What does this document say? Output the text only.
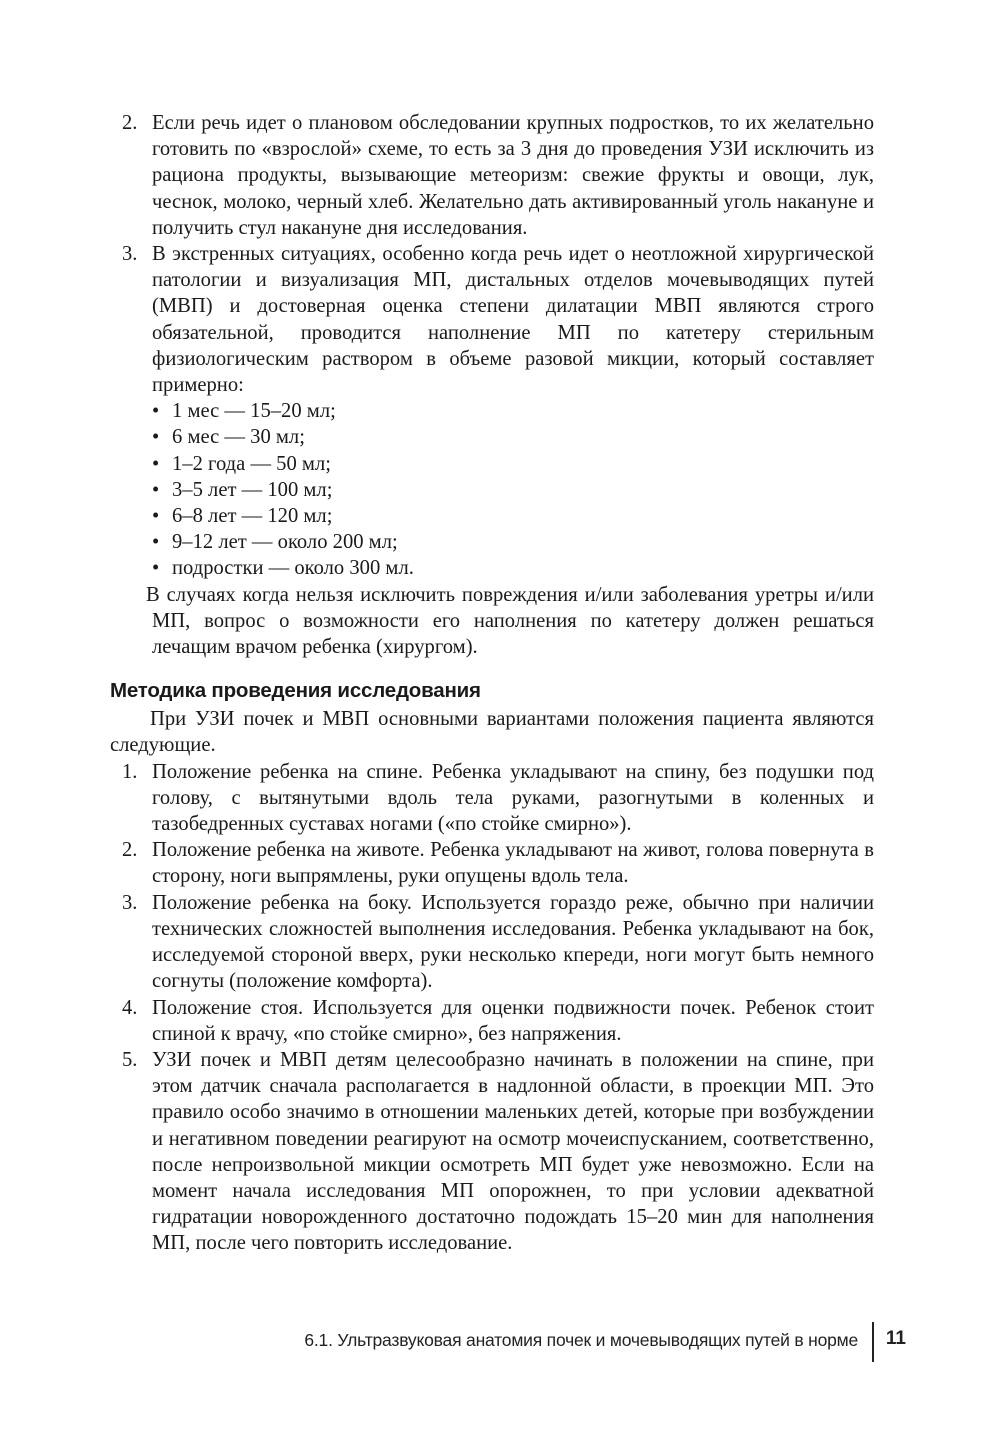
2. Если речь идет о плановом обследовании крупных подростков, то их желательно готовить по «взрослой» схеме, то есть за 3 дня до проведения УЗИ исключить из рациона продукты, вызывающие метеоризм: свежие фрукты и овощи, лук, чеснок, молоко, черный хлеб. Желательно дать активированный уголь накануне и получить стул накануне дня исследования.
3. В экстренных ситуациях, особенно когда речь идет о неотложной хирургической патологии и визуализация МП, дистальных отделов мочевыводящих путей (МВП) и достоверная оценка степени дилатации МВП являются строго обязательной, проводится наполнение МП по катетеру стерильным физиологическим раствором в объеме разовой микции, который составляет примерно:
• 1 мес — 15–20 мл;
• 6 мес — 30 мл;
• 1–2 года — 50 мл;
• 3–5 лет — 100 мл;
• 6–8 лет — 120 мл;
• 9–12 лет — около 200 мл;
• подростки — около 300 мл.

В случаях когда нельзя исключить повреждения и/или заболевания уретры и/или МП, вопрос о возможности его наполнения по катетеру должен решаться лечащим врачом ребенка (хирургом).

Методика проведения исследования

При УЗИ почек и МВП основными вариантами положения пациента являются следующие.

1. Положение ребенка на спине. Ребенка укладывают на спину, без подушки под голову, с вытянутыми вдоль тела руками, разогнутыми в коленных и тазобедренных суставах ногами («по стойке смирно»).
2. Положение ребенка на животе. Ребенка укладывают на живот, голова повернута в сторону, ноги выпрямлены, руки опущены вдоль тела.
3. Положение ребенка на боку. Используется гораздо реже, обычно при наличии технических сложностей выполнения исследования. Ребенка укладывают на бок, исследуемой стороной вверх, руки несколько кпереди, ноги могут быть немного согнуты (положение комфорта).
4. Положение стоя. Используется для оценки подвижности почек. Ребенок стоит спиной к врачу, «по стойке смирно», без напряжения.
5. УЗИ почек и МВП детям целесообразно начинать в положении на спине, при этом датчик сначала располагается в надлонной области, в проекции МП. Это правило особо значимо в отношении маленьких детей, которые при возбуждении и негативном поведении реагируют на осмотр мочеиспусканием, соответственно, после непроизвольной микции осмотреть МП будет уже невозможно. Если на момент начала исследования МП опорожнен, то при условии адекватной гидратации новорожденного достаточно подождать 15–20 мин для наполнения МП, после чего повторить исследование.
6.1. Ультразвуковая анатомия почек и мочевыводящих путей в норме 11
